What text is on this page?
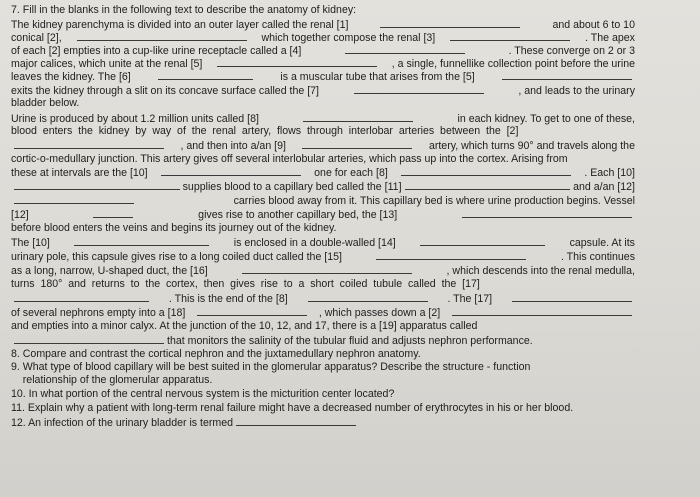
7. Fill in the blanks in the following text to describe the anatomy of kidney:
The kidney parenchyma is divided into an outer layer called the renal [1]	and about 6 to 10
conical [2],	which together compose the renal [3]	. The apex
of each [2] empties into a cup-like urine receptacle called a [4]	. These converge on 2 or 3
major calices, which unite at the renal [5]	, a single, funnellike collection point before the urine
leaves the kidney. The [6]	is a muscular tube that arises from the [5]
exits the kidney through a slit on its concave surface called the [7]	, and leads to the urinary
bladder below.
Urine is produced by about 1.2 million units called [8]	in each kidney. To get to one of these,
blood  enters  the  kidney  by  way  of  the  renal  artery,  flows  through  interlobar  arteries  between  the  [2]
, and then into a/an [9]	artery, which turns 90° and travels along the
cortic-o-medullary junction. This artery gives off several interlobular arteries, which pass up into the cortex. Arising from
these at intervals are the [10]	one for each [8]	. Each [10]
supplies blood to a capillary bed called the [11]	and a/an [12]
carries blood away from it. This capillary bed is where urine production begins. Vessel
[12]	gives rise to another capillary bed, the [13]
before blood enters the veins and begins its journey out of the kidney.
The [10]	is enclosed in a double-walled [14]	capsule. At its
urinary pole, this capsule gives rise to a long coiled duct called the [15]	. This continues
as a long, narrow, U-shaped duct, the [16]	, which descends into the renal medulla,
turns  180°  and  returns  to  the  cortex,  then  gives  rise  to  a  short  coiled  tubule  called  the  [17]
. This is the end of the [8]	. The [17]
of several nephrons empty into a [18]	, which passes down a [2]
and empties into a minor calyx. At the junction of the 10, 12, and 17, there is a [19] apparatus called
that monitors the salinity of the tubular fluid and adjusts nephron performance.
8. Compare and contrast the cortical nephron and the juxtamedullary nephron anatomy.
9. What type of blood capillary will be best suited in the glomerular apparatus? Describe the structure - function
relationship of the glomerular apparatus.
10. In what portion of the central nervous system is the micturition center located?
11. Explain why a patient with long-term renal failure might have a decreased number of erythrocytes in his or her blood.
12. An infection of the urinary bladder is termed
